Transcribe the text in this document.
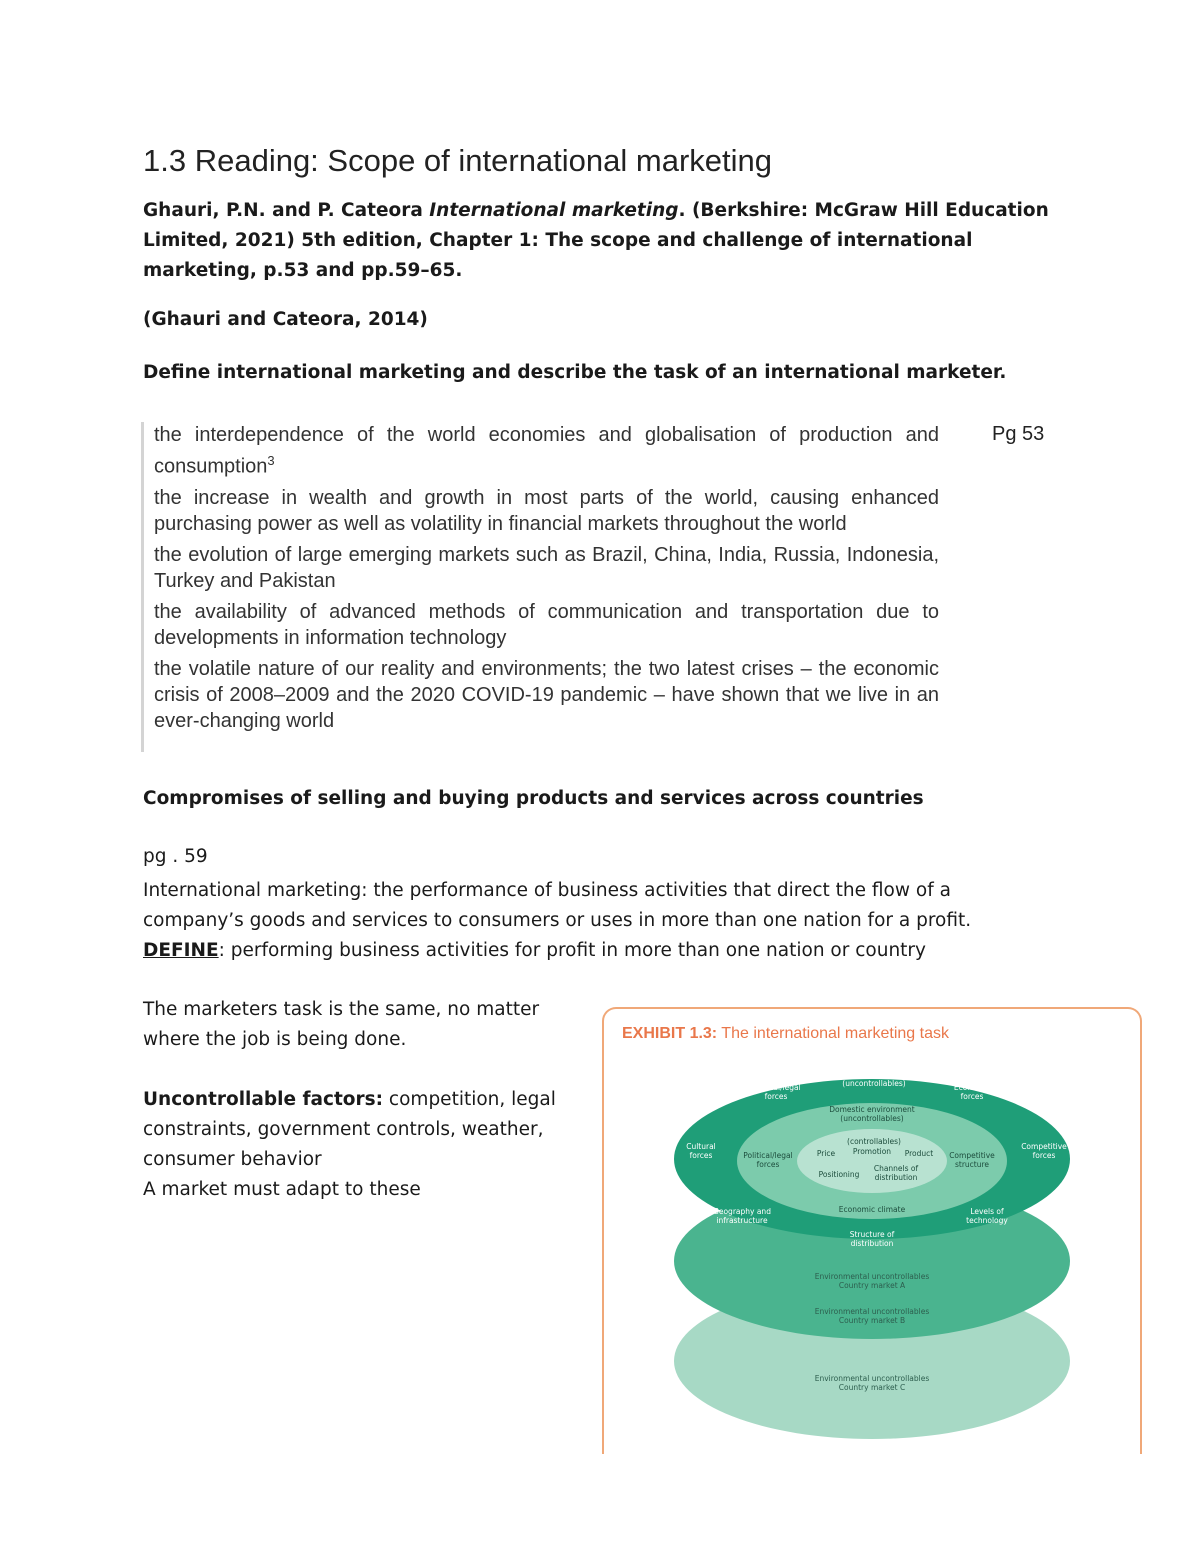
1.3 Reading: Scope of international marketing
Ghauri, P.N. and P. Cateora International marketing. (Berkshire: McGraw Hill Education Limited, 2021) 5th edition, Chapter 1: The scope and challenge of international marketing, p.53 and pp.59–65.
(Ghauri and Cateora, 2014)
Define international marketing and describe the task of an international marketer.
Pg 53

the interdependence of the world economies and globalisation of production and consumption$^3$

the increase in wealth and growth in most parts of the world, causing enhanced purchasing power as well as volatility in financial markets throughout the world

the evolution of large emerging markets such as Brazil, China, India, Russia, Indonesia, Turkey and Pakistan

the availability of advanced methods of communication and transportation due to developments in information technology

the volatile nature of our reality and environments; the two latest crises – the economic crisis of 2008–2009 and the 2020 COVID-19 pandemic – have shown that we live in an ever-changing world

Compromises of selling and buying products and services across countries
pg . 59
International marketing: the performance of business activities that direct the flow of a company’s goods and services to consumers or uses in more than one nation for a profit.
DEFINE: performing business activities for profit in more than one nation or country

The marketers task is the same, no matter where the job is being done.

Uncontrollable factors: competition, legal constraints, government controls, weather, consumer behavior

A market must adapt to these

EXHIBIT 1.3: The international marketing task
Political/legal forces
Foreign environment (uncontrollables)	Economic forces
Cultural forces
Competitive forces
Geography and infrastructure
Levels of technology
Domestic environment (uncontrollables)
Political/legal forces
Competitive structure
Economic climate
Structure of distribution
(controllables)
Price Promotion Product
Positioning
Channels of distribution
Environmental uncontrollables Country market A
Environmental uncontrollables Country market B
Environmental uncontrollables Country market C
